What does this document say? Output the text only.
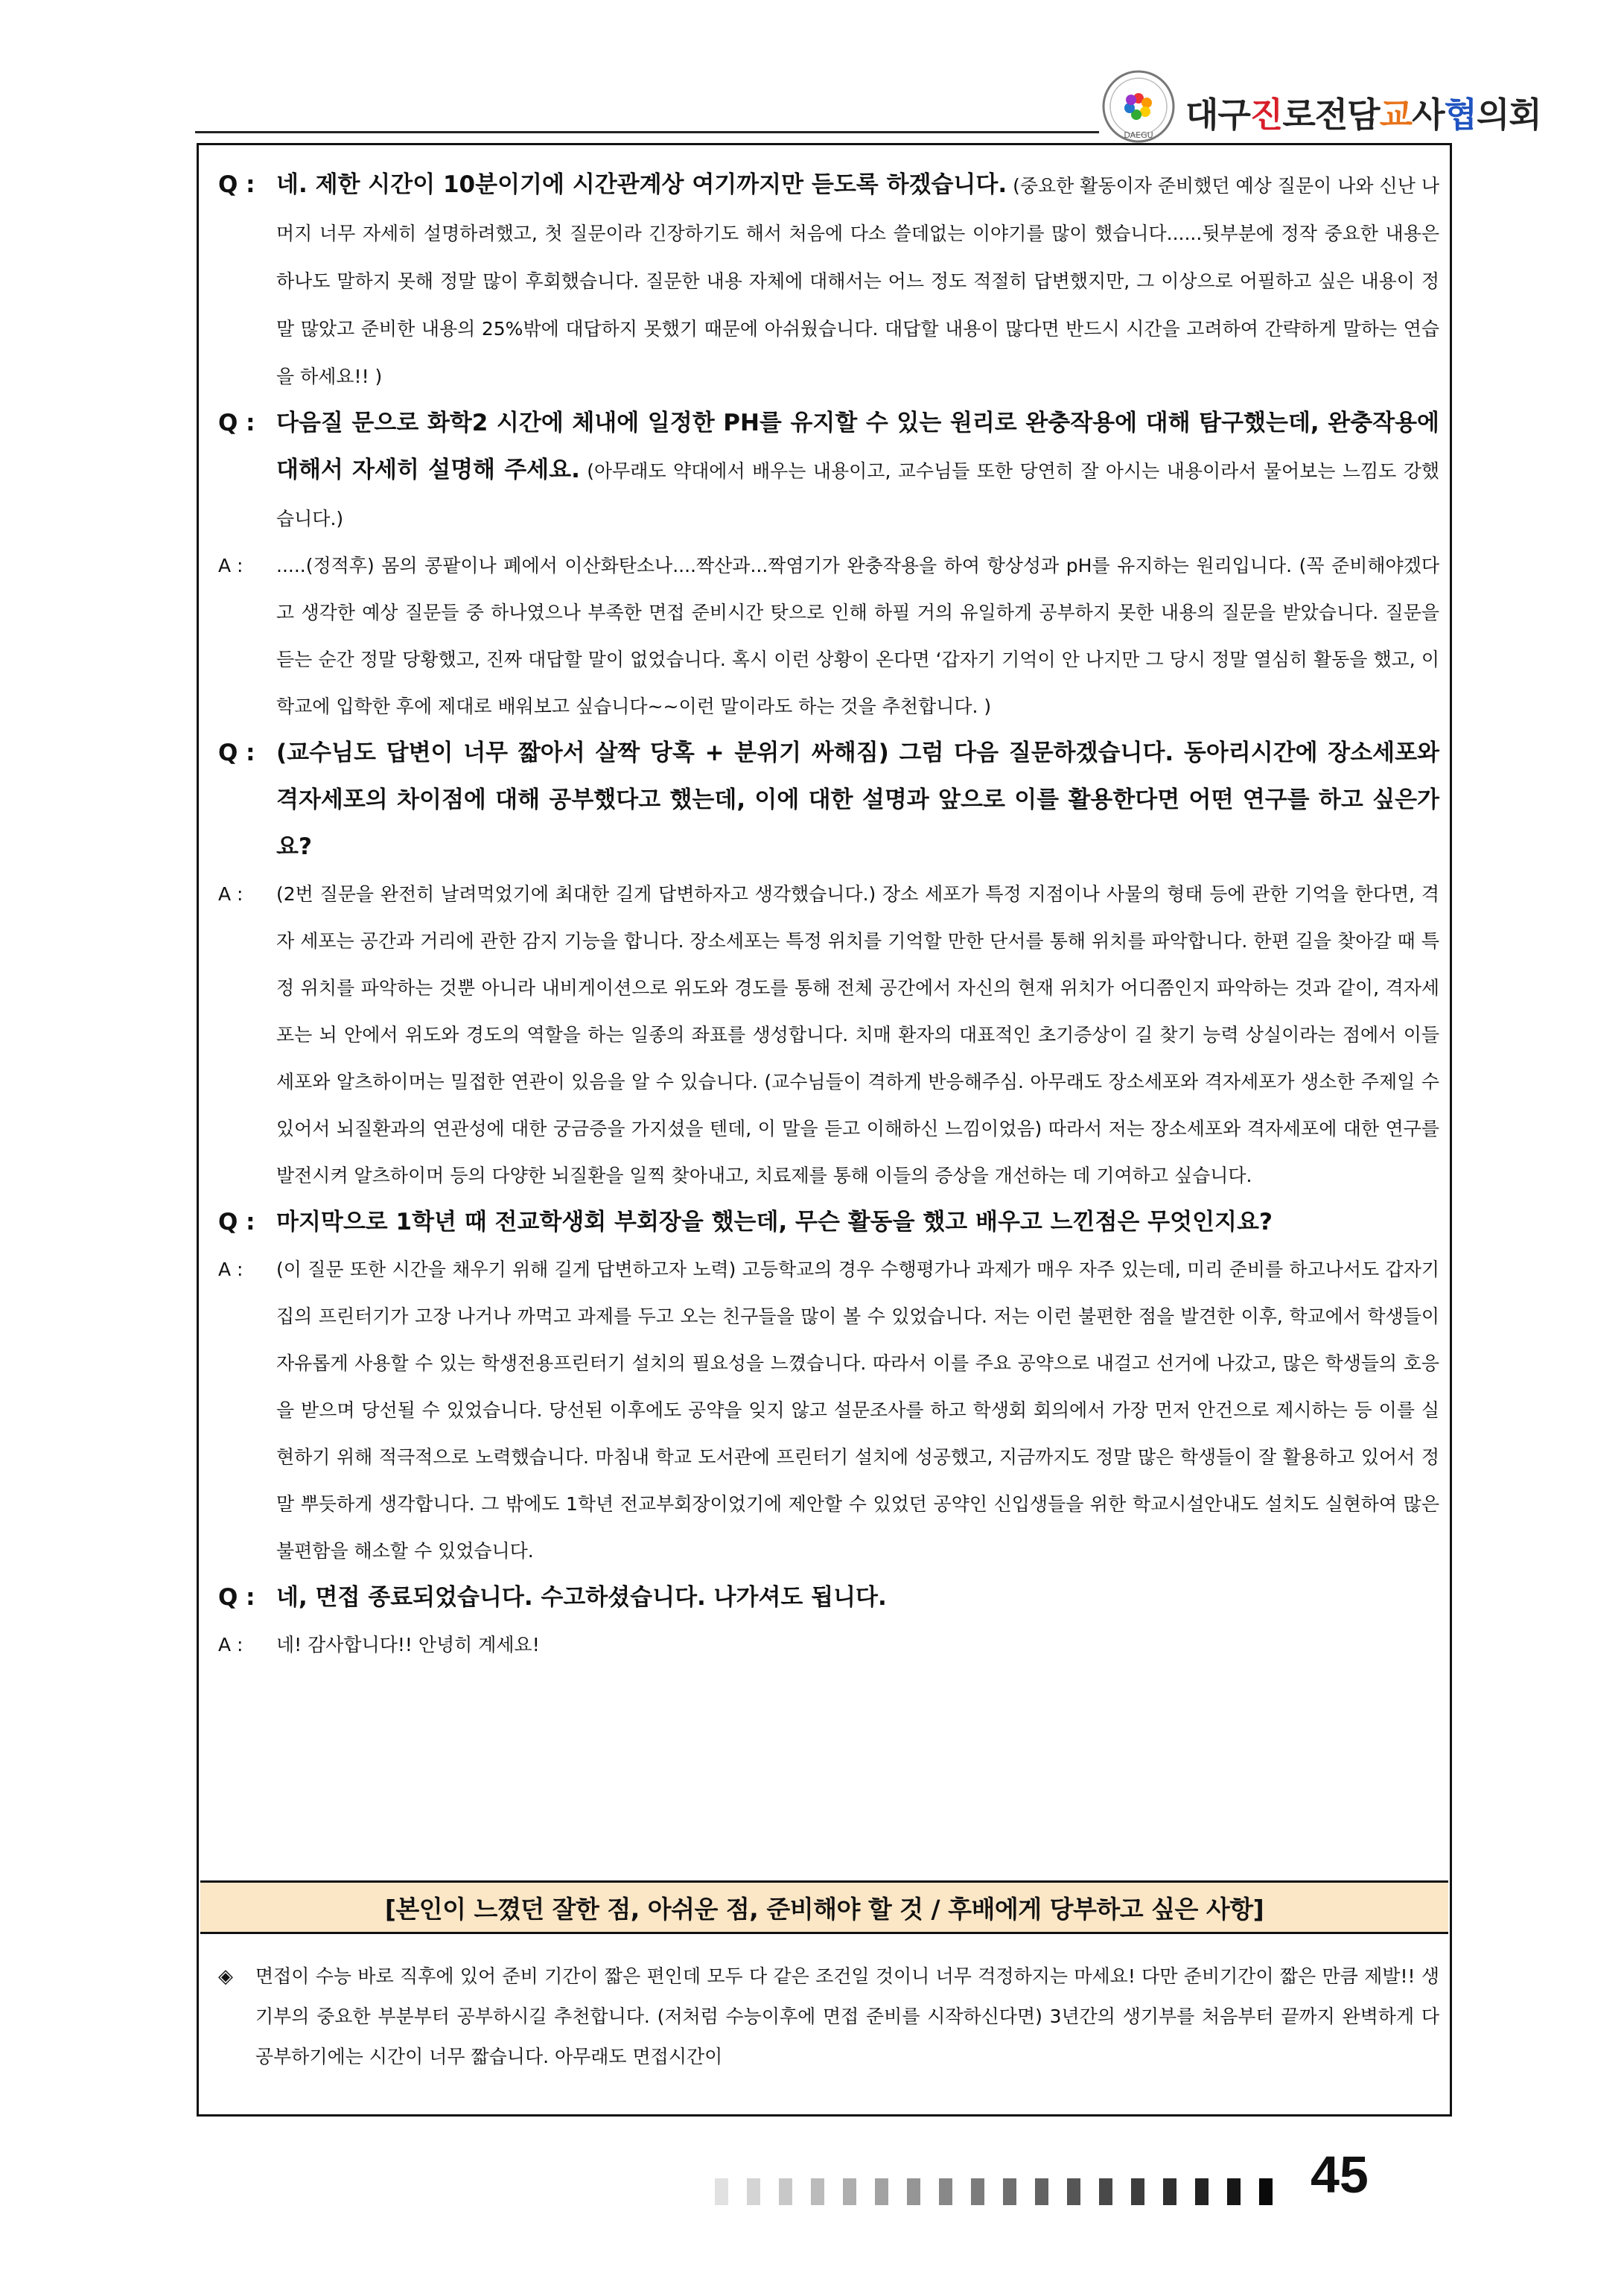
DAEGU
대구진로전담교사협의회
Q : 네. 제한 시간이 10분이기에 시간관계상 여기까지만 듣도록 하겠습니다. (중요한 활동이자 준비했던 예상 질문이 나와 신난 나머지 너무 자세히 설명하려했고, 첫 질문이라 긴장하기도 해서 처음에 다소 쓸데없는 이야기를 많이 했습니다......뒷부분에 정작 중요한 내용은 하나도 말하지 못해 정말 많이 후회했습니다. 질문한 내용 자체에 대해서는 어느 정도 적절히 답변했지만, 그 이상으로 어필하고 싶은 내용이 정말 많았고 준비한 내용의 25%밖에 대답하지 못했기 때문에 아쉬웠습니다. 대답할 내용이 많다면 반드시 시간을 고려하여 간략하게 말하는 연습을 하세요!! )
Q : 다음질 문으로 화학2 시간에 체내에 일정한 PH를 유지할 수 있는 원리로 완충작용에 대해 탐구했는데, 완충작용에 대해서 자세히 설명해 주세요. (아무래도 약대에서 배우는 내용이고, 교수님들 또한 당연히 잘 아시는 내용이라서 물어보는 느낌도 강했습니다.)
A :	.....(정적후) 몸의 콩팥이나 폐에서 이산화탄소나....짝산과...짝염기가 완충작용을 하여 항상성과 pH를 유지하는 원리입니다. (꼭 준비해야겠다고 생각한 예상 질문들 중 하나였으나 부족한 면접 준비시간 탓으로 인해 하필 거의 유일하게 공부하지 못한 내용의 질문을 받았습니다. 질문을 듣는 순간 정말 당황했고, 진짜 대답할 말이 없었습니다. 혹시 이런 상황이 온다면 ‘갑자기 기억이 안 나지만 그 당시 정말 열심히 활동을 했고, 이 학교에 입학한 후에 제대로 배워보고 싶습니다~~이런 말이라도 하는 것을 추천합니다. )
Q : (교수님도 답변이 너무 짧아서 살짝 당혹 + 분위기 싸해짐) 그럼 다음 질문하겠습니다. 동아리시간에 장소세포와 격자세포의 차이점에 대해 공부했다고 했는데, 이에 대한 설명과 앞으로 이를 활용한다면 어떤 연구를 하고 싶은가요?
A :	(2번 질문을 완전히 날려먹었기에 최대한 길게 답변하자고 생각했습니다.) 장소 세포가 특정 지점이나 사물의 형태 등에 관한 기억을 한다면, 격자 세포는 공간과 거리에 관한 감지 기능을 합니다. 장소세포는 특정 위치를 기억할 만한 단서를 통해 위치를 파악합니다. 한편 길을 찾아갈 때 특정 위치를 파악하는 것뿐 아니라 내비게이션으로 위도와 경도를 통해 전체 공간에서 자신의 현재 위치가 어디쯤인지 파악하는 것과 같이, 격자세포는 뇌 안에서 위도와 경도의 역할을 하는 일종의 좌표를 생성합니다. 치매 환자의 대표적인 초기증상이 길 찾기 능력 상실이라는 점에서 이들 세포와 알츠하이머는 밀접한 연관이 있음을 알 수 있습니다. (교수님들이 격하게 반응해주심. 아무래도 장소세포와 격자세포가 생소한 주제일 수 있어서 뇌질환과의 연관성에 대한 궁금증을 가지셨을 텐데, 이 말을 듣고 이해하신 느낌이었음) 따라서 저는 장소세포와 격자세포에 대한 연구를 발전시켜 알츠하이머 등의 다양한 뇌질환을 일찍 찾아내고, 치료제를 통해 이들의 증상을 개선하는 데 기여하고 싶습니다.
Q : 마지막으로 1학년 때 전교학생회 부회장을 했는데, 무슨 활동을 했고 배우고 느낀점은 무엇인지요?
A :	(이 질문 또한 시간을 채우기 위해 길게 답변하고자 노력) 고등학교의 경우 수행평가나 과제가 매우 자주 있는데, 미리 준비를 하고나서도 갑자기 집의 프린터기가 고장 나거나 까먹고 과제를 두고 오는 친구들을 많이 볼 수 있었습니다. 저는 이런 불편한 점을 발견한 이후, 학교에서 학생들이 자유롭게 사용할 수 있는 학생전용프린터기 설치의 필요성을 느꼈습니다. 따라서 이를 주요 공약으로 내걸고 선거에 나갔고, 많은 학생들의 호응을 받으며 당선될 수 있었습니다. 당선된 이후에도 공약을 잊지 않고 설문조사를 하고 학생회 회의에서 가장 먼저 안건으로 제시하는 등 이를 실현하기 위해 적극적으로 노력했습니다. 마침내 학교 도서관에 프린터기 설치에 성공했고, 지금까지도 정말 많은 학생들이 잘 활용하고 있어서 정말 뿌듯하게 생각합니다. 그 밖에도 1학년 전교부회장이었기에 제안할 수 있었던 공약인 신입생들을 위한 학교시설안내도 설치도 실현하여 많은 불편함을 해소할 수 있었습니다.
Q : 네, 면접 종료되었습니다. 수고하셨습니다. 나가셔도 됩니다.
A :	네! 감사합니다!! 안녕히 계세요!
[본인이 느꼈던 잘한 점, 아쉬운 점, 준비해야 할 것 / 후배에게 당부하고 싶은 사항]
◈	면접이 수능 바로 직후에 있어 준비 기간이 짧은 편인데 모두 다 같은 조건일 것이니 너무 걱정하지는 마세요! 다만 준비기간이 짧은 만큼 제발!! 생기부의 중요한 부분부터 공부하시길 추천합니다. (저처럼 수능이후에 면접 준비를 시작하신다면) 3년간의 생기부를 처음부터 끝까지 완벽하게 다 공부하기에는 시간이 너무 짧습니다. 아무래도 면접시간이
45
